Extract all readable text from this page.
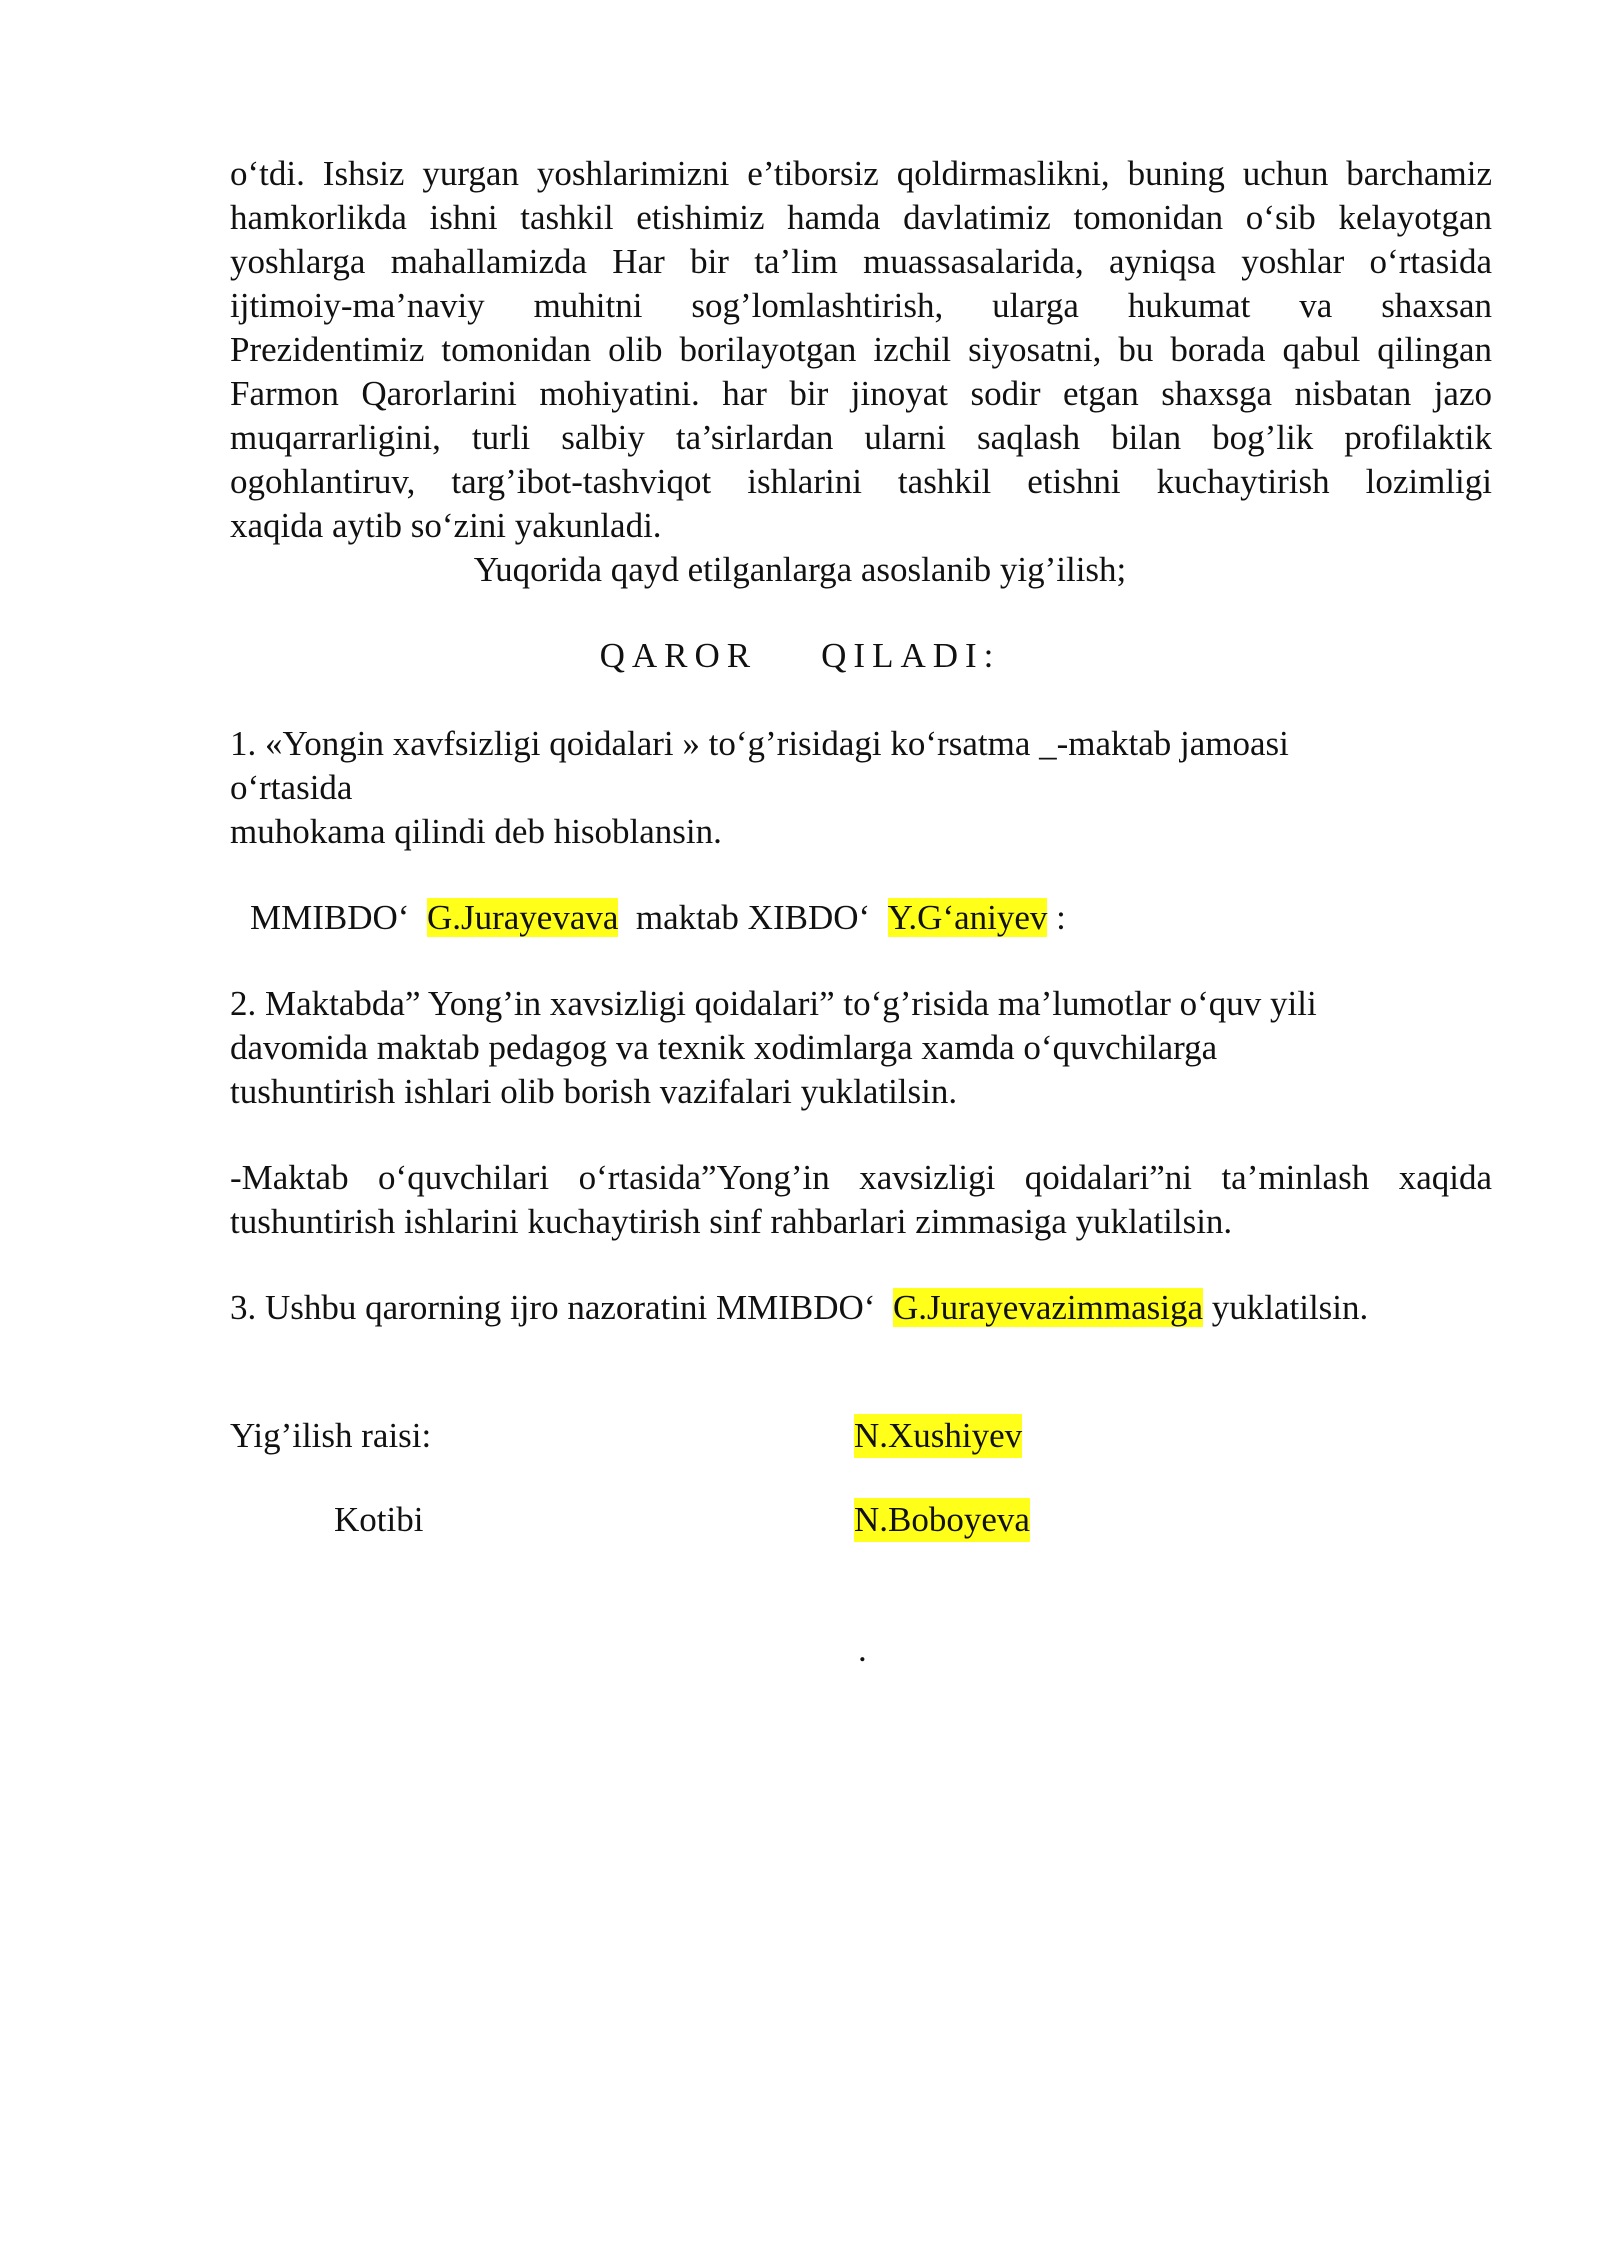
o‘tdi. Ishsiz yurgan yoshlarimizni e’tiborsiz qoldirmaslikni, buning uchun barchamiz
hamkorlikda ishni tashkil etishimiz hamda davlatimiz tomonidan o‘sib kelayotgan
yoshlarga mahallamizda Har bir ta’lim muassasalarida, ayniqsa yoshlar o‘rtasida
ijtimoiy-ma’naviy muhitni sog’lomlashtirish, ularga hukumat va shaxsan
Prezidentimiz tomonidan olib borilayotgan izchil siyosatni, bu borada qabul qilingan
Farmon Qarorlarini mohiyatini. har bir jinoyat sodir etgan shaxsga nisbatan jazo
muqarrarligini, turli salbiy ta’sirlardan ularni saqlash bilan bog’lik profilaktik
ogohlantiruv, targ’ibot-tashviqot ishlarini tashkil etishni kuchaytirish lozimligi
xaqida aytib so‘zini yakunladi.
Yuqorida qayd etilganlarga asoslanib yig’ilish;
QAROR QILADI:
1. «Yongin xavfsizligi qoidalari » to‘g’risidagi ko‘rsatma _-maktab jamoasi
o‘rtasida
muhokama qilindi deb hisoblansin.
MMIBDO‘ G.Jurayevava maktab XIBDO‘ Y.G‘aniyev :
2. Maktabda” Yong’in xavsizligi qoidalari” to‘g’risida ma’lumotlar o‘quv yili
davomida maktab pedagog va texnik xodimlarga xamda o‘quvchilarga
tushuntirish ishlari olib borish vazifalari yuklatilsin.
-Maktab o‘quvchilari o‘rtasida”Yong’in xavsizligi qoidalari”ni ta’minlash xaqida
tushuntirish ishlarini kuchaytirish sinf rahbarlari zimmasiga yuklatilsin.
3. Ushbu qarorning ijro nazoratini MMIBDO‘ G.Jurayevazimmasiga yuklatilsin.
Yig’ilish raisi:	N.Xushiyev
Kotibi	N.Boboyeva
.
